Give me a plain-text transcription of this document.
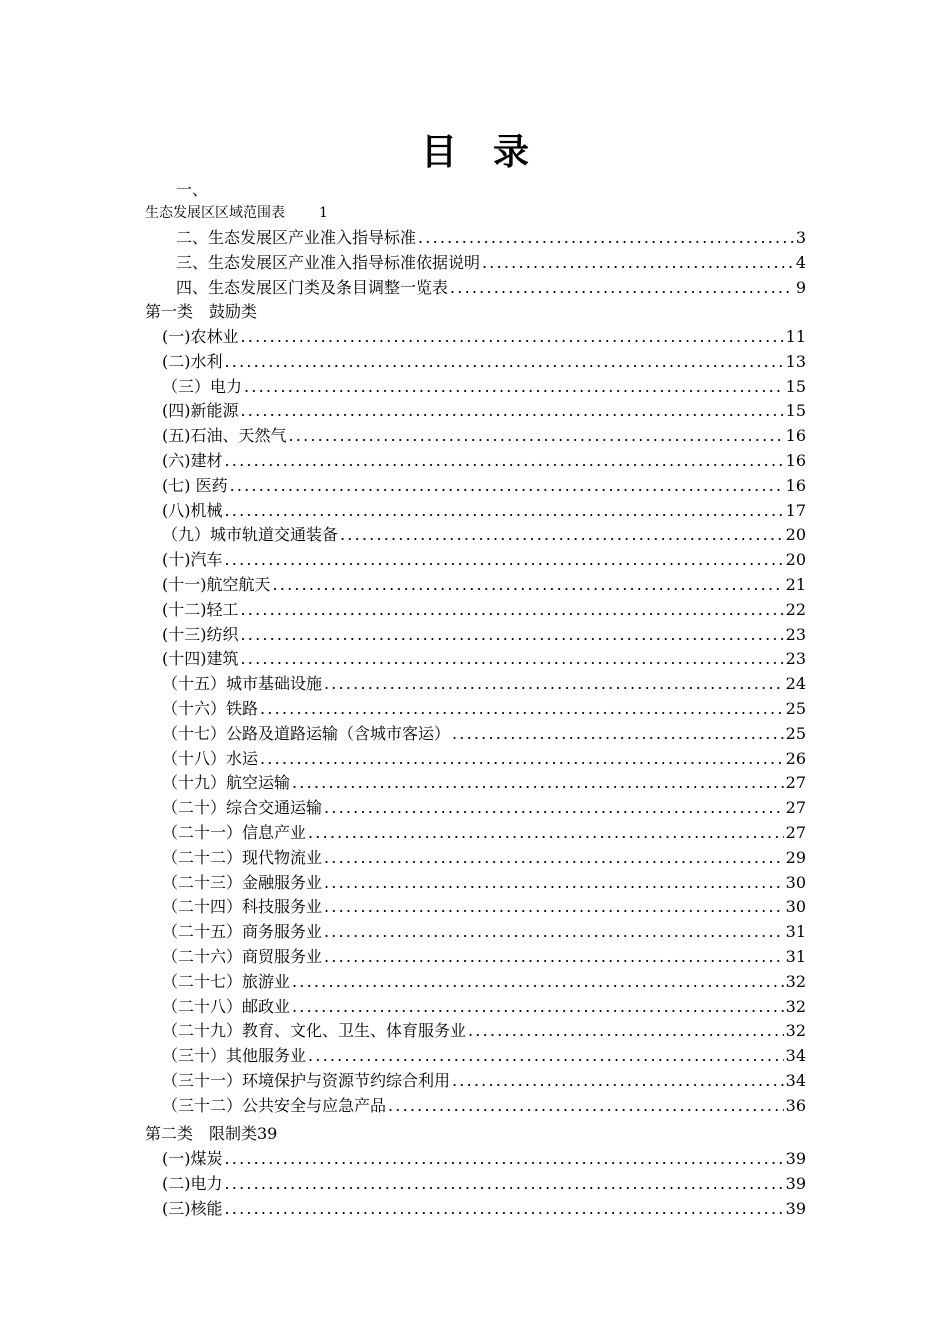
目录
一、
生态发展区区域范围表 1
二、生态发展区产业准入指导标准 .....	3
三、生态发展区产业准入指导标准依据说明 .....	4
四、生态发展区门类及条目调整一览表 .....	9
第一类　鼓励类
(一)农林业 .....	11
(二)水利 .....	13
（三）电力 .....	15
(四)新能源 .....	15
(五)石油、天然气 .....	16
(六)建材 .....	16
(七) 医药 .....	16
(八)机械 .....	17
（九）城市轨道交通装备 .....	20
(十)汽车 .....	20
(十一)航空航天 .....	21
(十二)轻工 .....	22
(十三)纺织 .....	23
(十四)建筑 .....	23
（十五）城市基础设施 .....	24
（十六）铁路 .....	25
（十七）公路及道路运输（含城市客运） .....	25
（十八）水运 .....	26
（十九）航空运输 .....	27
（二十）综合交通运输 .....	27
（二十一）信息产业 .....	27
（二十二）现代物流业 .....	29
（二十三）金融服务业 .....	30
（二十四）科技服务业 .....	30
（二十五）商务服务业 .....	31
（二十六）商贸服务业 .....	31
（二十七）旅游业 .....	32
（二十八）邮政业 .....	32
（二十九）教育、文化、卫生、体育服务业 .....	32
（三十）其他服务业 .....	34
（三十一）环境保护与资源节约综合利用 .....	34
（三十二）公共安全与应急产品 .....	36
第二类　限制类39
(一)煤炭 .....	39
(二)电力 .....	39
(三)核能 .....	39
